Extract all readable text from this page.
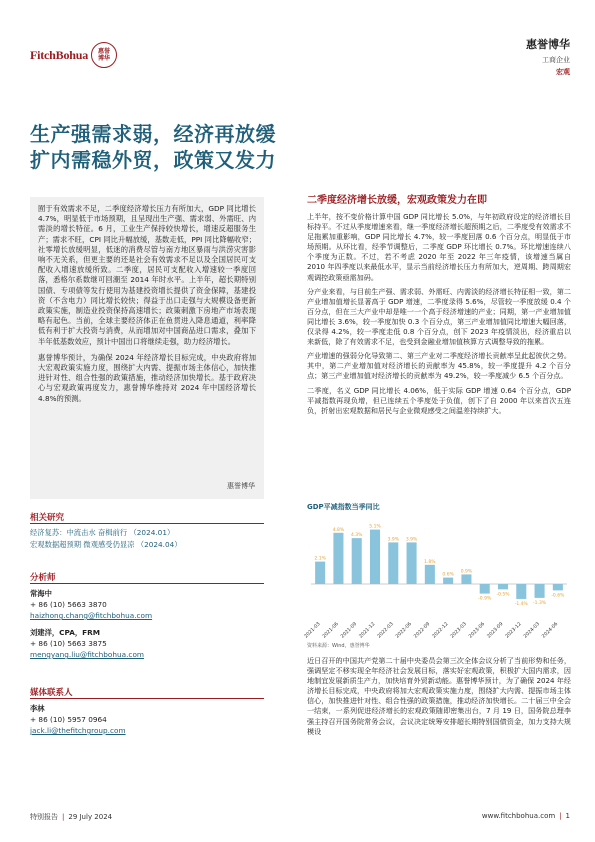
FitchBohua	惠誉
博华
惠誉博华
工商企业
宏观
生产强需求弱，经济再放缓
扩内需稳外贸，政策又发力

囿于有效需求不足，二季度经济增长压力有所加大，GDP 同比增长 4.7%，明显低于市场预期，且呈现出生产强、需求弱、外需旺、内需淡的增长特征。6 月，工业生产保持较快增长，增速反超服务生产；需求不旺，CPI 同比升幅放缓，基数走低，PPI 同比降幅收窄；社零增长放缓明显，低迷的消费尽管与南方地区暴雨与洪涝灾害影响不无关系，但更主要的还是社会有效需求不足以及全国居民可支配收入增速放缓所致。二季度，居民可支配收入增速较一季度回落，悉格尔系数继可回潮至 2014 年时水平。上半年，超长期特别国债、专项债等发行使用为基建投资增长提供了资金保障，基建投资（不含电力）同比增长较快；得益于出口走强与大规模设备更新政策实施，制造业投资保持高速增长；政策刺激下房地产市场表现略有起色。当前，全球主要经济体正在鱼贯进入降息通道，利率降低有利于扩大投资与消费，从而增加对中国商品进口需求，叠加下半年低基数效应，预计中国出口将继续走强，助力经济增长。

惠誉博华预计，为确保 2024 年经济增长目标完成，中央政府将加大宏观政策实施力度，围绕扩大内需、提振市场主体信心，加快推进针对性、组合性强的政策措施，推动经济加快增长。基于政府决心与宏观政策再度发力，惠誉博华维持对 2024 年中国经济增长 4.8%的预测。

惠誉博华
相关研究
经济复苏：中流击水 奋楫前行 （2024.01）
宏观数据超预期 微观感受仍显凉 （2024.04）
分析师
常海中
+ 86 (10) 5663 3870
haizhong.chang@fitchbohua.com
刘建洋，CPA，FRM
+ 86 (10) 5663 3875
mengyang.liu@fitchbohua.com
媒体联系人
李林
+ 86 (10) 5957 0964
jack.li@thefitchgroup.com
二季度经济增长放缓，宏观政策发力在即

上半年，按不变价格计算中国 GDP 同比增长 5.0%，与年初政府设定的经济增长目标持平。不过从季度增速来看，继一季度经济增长超预期之后，二季度受有效需求不足拖累加重影响，GDP 同比增长 4.7%，较一季度回落 0.6 个百分点，明显低于市场预期。从环比看，经季节调整后，二季度 GDP 环比增长 0.7%。环比增速连续八个季度为正数。不过，若不考虑 2020 年至 2022 年三年疫情，该增速当属自 2010 年四季度以来最低水平，显示当前经济增长压力有所加大，逆周期、跨周期宏观调控政策亟需加码。

分产业来看，与目前生产强、需求弱、外需旺、内需淡的经济增长特征相一致，第二产业增加值增长显著高于 GDP 增速，二季度录得 5.6%，尽管较一季度放缓 0.4 个百分点，但在三大产业中却是唯一一个高于经济增速的产业；同期，第一产业增加值同比增长 3.6%，较一季度加快 0.3 个百分点，第三产业增加值同比增速大幅回落，仅录得 4.2%，较一季度走低 0.8 个百分点，创下 2023 年疫情淡出，经济重启以来新低，除了有效需求不足，也受到金融业增加值核算方式调整导致的拖累。

产业增速的强弱分化导致第二、第三产业对二季度经济增长贡献率呈此起彼伏之势。其中，第二产业增加值对经济增长的贡献率为 45.8%，较一季度提升 4.2 个百分点；第三产业增加值对经济增长的贡献率为 49.2%，较一季度减少 6.5 个百分点。

二季度，名义 GDP 同比增长 4.06%，低于实际 GDP 增速 0.64 个百分点，GDP 平减指数再现负增，但已连续五个季度处于负值，创下了自 2000 年以来首次五连负，折射出宏观数据和居民与企业微观感受之间温差持续扩大。

GDP平减指数当季同比
2.1%
2021-03
4.8%
2021-06
4.3%
2021-09
5.1%
2021-12
3.9%
2022-03
3.9%
2022-06
1.8%
2022-09
0.6%
2022-12
0.9%
2023-03
-0.9%
2023-06
-0.5%
2023-09
-1.4%
2023-12
-1.3%
2024-03
-0.6%
2024-06
资料来源：Wind，惠誉博华

近日召开的中国共产党第二十届中央委员会第三次全体会议分析了当前形势和任务，强调坚定不移实现全年经济社会发展目标，落实好宏观政策，积极扩大国内需求，因地制宜发展新质生产力，加快培育外贸新动能。惠誉博华预计，为了确保 2024 年经济增长目标完成，中央政府将加大宏观政策实施力度，围绕扩大内需、提振市场主体信心，加快推进针对性、组合性强的政策措施，推动经济加快增长。二十届三中全会一结束，一系列促进经济增长的宏观政策随即密集出台，7 月 19 日，国务院总理李强主持召开国务院常务会议，会议决定统筹安排超长期特别国债资金，加力支持大规模设

特别报告 | 29 July 2024	www.fitchbohua.com | 1
